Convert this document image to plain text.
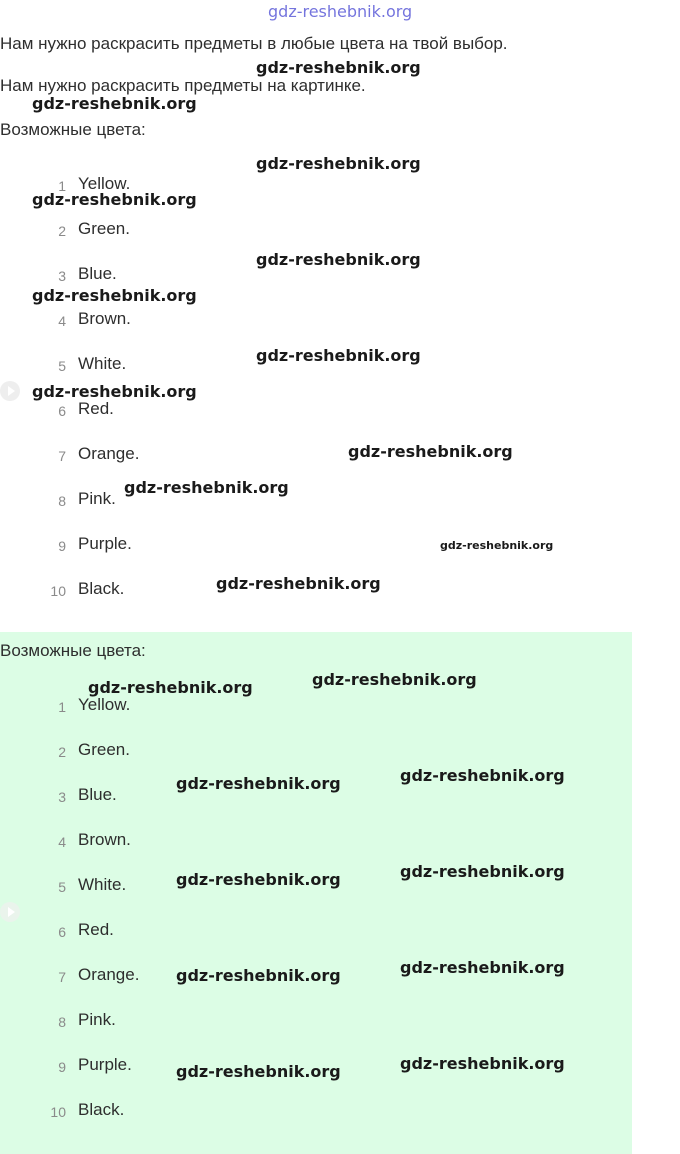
gdz-reshebnik.org
Нам нужно раскрасить предметы в любые цвета на твой выбор.
Нам нужно раскрасить предметы на картинке.
Возможные цвета:
1 Yellow.
2 Green.
3 Blue.
4 Brown.
5 White.
6 Red.
7 Orange.
8 Pink.
9 Purple.
10 Black.
Возможные цвета:
1 Yellow.
2 Green.
3 Blue.
4 Brown.
5 White.
6 Red.
7 Orange.
8 Pink.
9 Purple.
10 Black.
gdz-reshebnik.org
gdz-reshebnik.org
gdz-reshebnik.org
gdz-reshebnik.org
gdz-reshebnik.org
gdz-reshebnik.org
gdz-reshebnik.org
gdz-reshebnik.org
gdz-reshebnik.org
gdz-reshebnik.org
gdz-reshebnik.org
gdz-reshebnik.org
gdz-reshebnik.org
gdz-reshebnik.org
gdz-reshebnik.org
gdz-reshebnik.org
gdz-reshebnik.org
gdz-reshebnik.org
gdz-reshebnik.org
gdz-reshebnik.org
gdz-reshebnik.org
gdz-reshebnik.org
